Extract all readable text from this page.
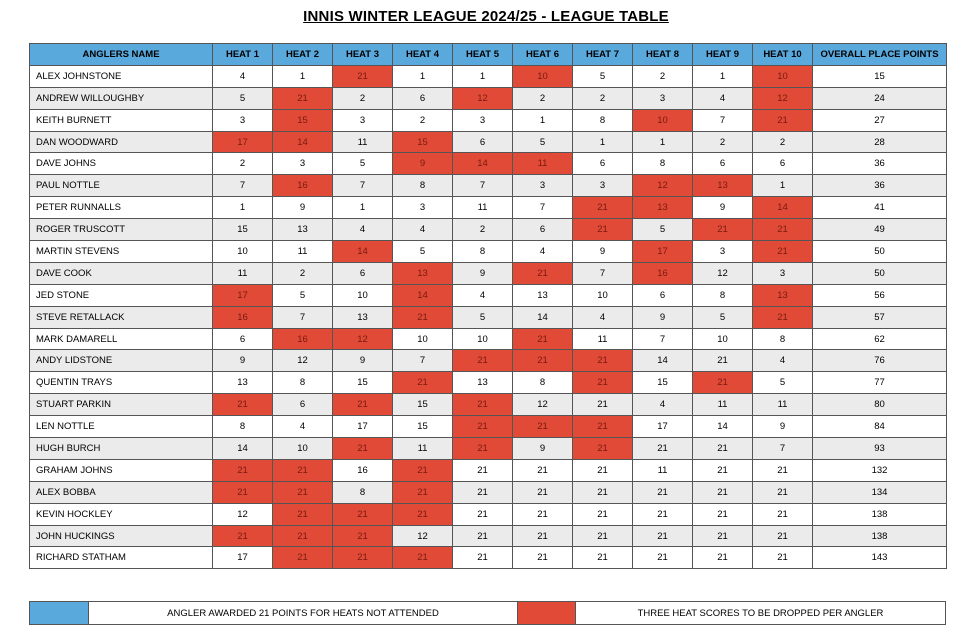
INNIS WINTER LEAGUE 2024/25 - LEAGUE TABLE
ANGLERS NAME	HEAT 1	HEAT 2	HEAT 3	HEAT 4	HEAT 5	HEAT 6	HEAT 7	HEAT 8	HEAT 9	HEAT 10	OVERALL PLACE POINTS
ALEX JOHNSTONE	4	1	21	1	1	10	5	2	1	10	15
ANDREW WILLOUGHBY	5	21	2	6	12	2	2	3	4	12	24
KEITH BURNETT	3	15	3	2	3	1	8	10	7	21	27
DAN WOODWARD	17	14	11	15	6	5	1	1	2	2	28
DAVE JOHNS	2	3	5	9	14	11	6	8	6	6	36
PAUL NOTTLE	7	16	7	8	7	3	3	12	13	1	36
PETER RUNNALLS	1	9	1	3	11	7	21	13	9	14	41
ROGER TRUSCOTT	15	13	4	4	2	6	21	5	21	21	49
MARTIN STEVENS	10	11	14	5	8	4	9	17	3	21	50
DAVE COOK	11	2	6	13	9	21	7	16	12	3	50
JED STONE	17	5	10	14	4	13	10	6	8	13	56
STEVE RETALLACK	16	7	13	21	5	14	4	9	5	21	57
MARK DAMARELL	6	16	12	10	10	21	11	7	10	8	62
ANDY LIDSTONE	9	12	9	7	21	21	21	14	21	4	76
QUENTIN TRAYS	13	8	15	21	13	8	21	15	21	5	77
STUART PARKIN	21	6	21	15	21	12	21	4	11	11	80
LEN NOTTLE	8	4	17	15	21	21	21	17	14	9	84
HUGH BURCH	14	10	21	11	21	9	21	21	21	7	93
GRAHAM JOHNS	21	21	16	21	21	21	21	11	21	21	132
ALEX BOBBA	21	21	8	21	21	21	21	21	21	21	134
KEVIN HOCKLEY	12	21	21	21	21	21	21	21	21	21	138
JOHN HUCKINGS	21	21	21	12	21	21	21	21	21	21	138
RICHARD STATHAM	17	21	21	21	21	21	21	21	21	21	143
ANGLER AWARDED 21 POINTS FOR HEATS NOT ATTENDED	THREE HEAT SCORES TO BE DROPPED PER ANGLER
